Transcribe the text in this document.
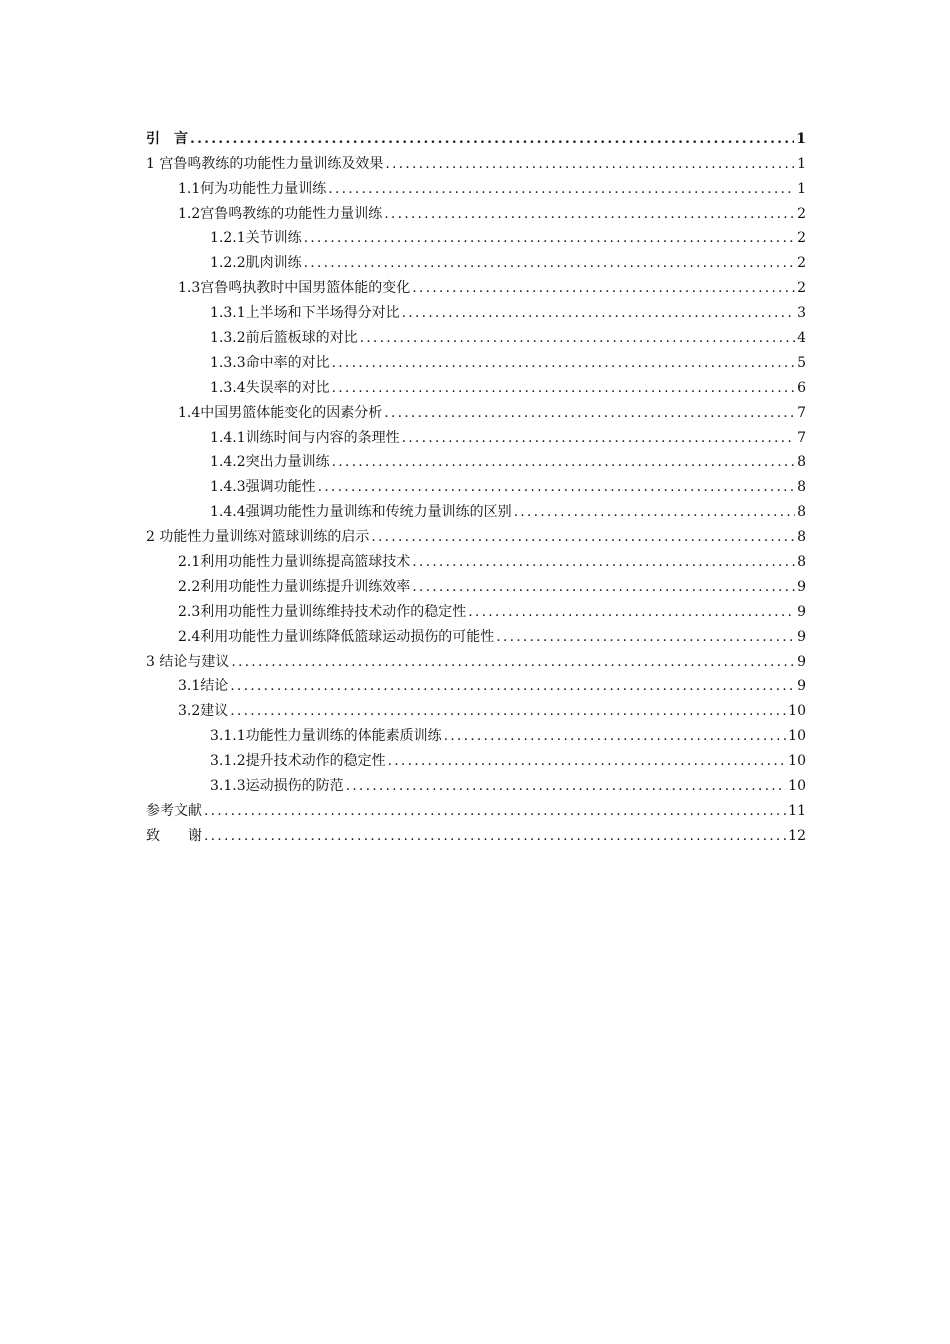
引　言 .....	1
1 宫鲁鸣教练的功能性力量训练及效果 .....	1
1.1何为功能性力量训练 .....	1
1.2宫鲁鸣教练的功能性力量训练 .....	2
1.2.1关节训练 .....	2
1.2.2肌肉训练 .....	2
1.3宫鲁鸣执教时中国男篮体能的变化 .....	2
1.3.1上半场和下半场得分对比 .....	3
1.3.2前后篮板球的对比 .....	4
1.3.3命中率的对比 .....	5
1.3.4失误率的对比 .....	6
1.4中国男篮体能变化的因素分析 .....	7
1.4.1训练时间与内容的条理性 .....	7
1.4.2突出力量训练 .....	8
1.4.3强调功能性 .....	8
1.4.4强调功能性力量训练和传统力量训练的区别 .....	8
2 功能性力量训练对篮球训练的启示 .....	8
2.1利用功能性力量训练提高篮球技术 .....	8
2.2利用功能性力量训练提升训练效率 .....	9
2.3利用功能性力量训练维持技术动作的稳定性 .....	9
2.4利用功能性力量训练降低篮球运动损伤的可能性 .....	9
3 结论与建议 .....	9
3.1结论 .....	9
3.2建议 .....	10
3.1.1功能性力量训练的体能素质训练 .....	10
3.1.2提升技术动作的稳定性 .....	10
3.1.3运动损伤的防范 .....	10
参考文献 .....	11
致　　谢 .....	12
